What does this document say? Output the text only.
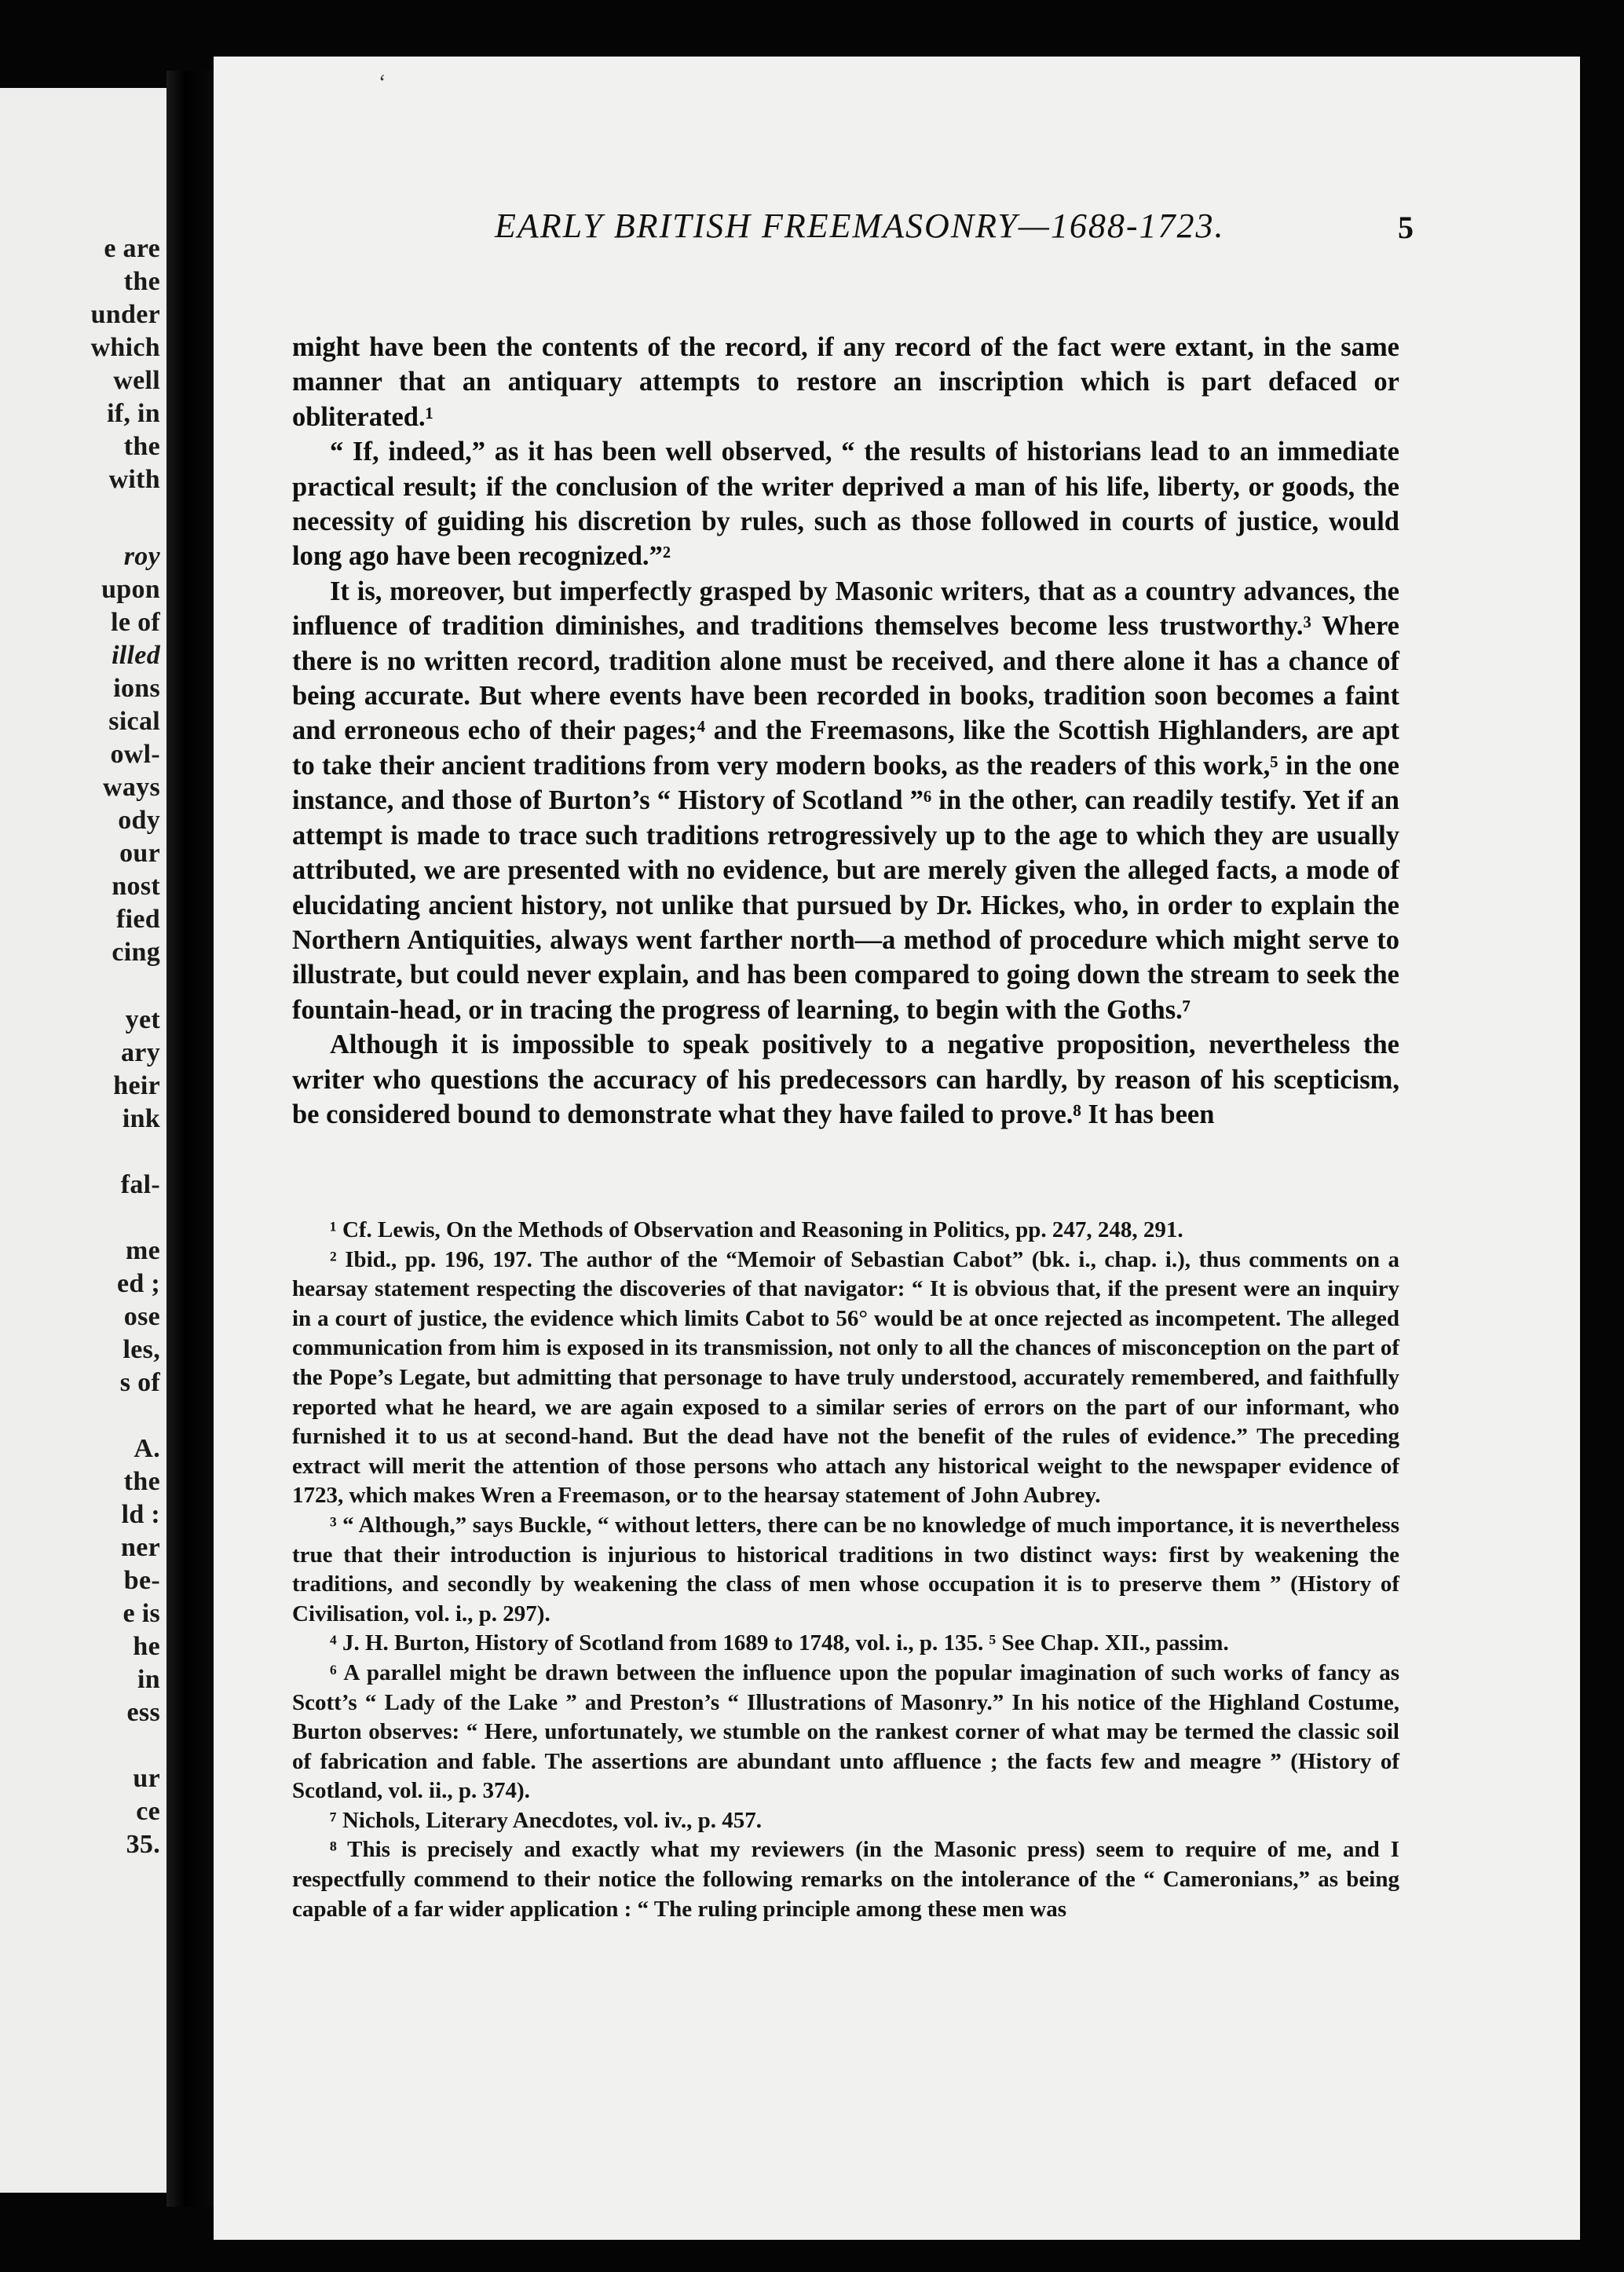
e are
the
under
which
well
if, in
the
with
roy
upon
le of
illed
ions
sical
owl-
ways
ody
our
nost
fied
cing
yet
ary
heir
ink
fal-
me
ed ;
ose
les,
s of
A.
the
ld :
ner
be-
e is
he
in
ess
ur
ce
35.
ʻ
EARLY BRITISH FREEMASONRY—1688-1723.	5

might have been the contents of the record, if any record of the fact were extant, in the same manner that an antiquary attempts to restore an inscription which is part defaced or obliterated.¹

“ If, indeed,” as it has been well observed, “ the results of historians lead to an immediate practical result; if the conclusion of the writer deprived a man of his life, liberty, or goods, the necessity of guiding his discretion by rules, such as those followed in courts of justice, would long ago have been recognized.”²

It is, moreover, but imperfectly grasped by Masonic writers, that as a country advances, the influence of tradition diminishes, and traditions themselves become less trustworthy.³ Where there is no written record, tradition alone must be received, and there alone it has a chance of being accurate. But where events have been recorded in books, tradition soon becomes a faint and erroneous echo of their pages;⁴ and the Freemasons, like the Scottish Highlanders, are apt to take their ancient traditions from very modern books, as the readers of this work,⁵ in the one instance, and those of Burton’s “ History of Scotland ”⁶ in the other, can readily testify. Yet if an attempt is made to trace such traditions retrogressively up to the age to which they are usually attributed, we are presented with no evidence, but are merely given the alleged facts, a mode of elucidating ancient history, not unlike that pursued by Dr. Hickes, who, in order to explain the Northern Antiquities, always went farther north—a method of procedure which might serve to illustrate, but could never explain, and has been compared to going down the stream to seek the fountain-head, or in tracing the progress of learning, to begin with the Goths.⁷

Although it is impossible to speak positively to a negative proposition, nevertheless the writer who questions the accuracy of his predecessors can hardly, by reason of his scepticism, be considered bound to demonstrate what they have failed to prove.⁸ It has been

¹ Cf. Lewis, On the Methods of Observation and Reasoning in Politics, pp. 247, 248, 291.

² Ibid., pp. 196, 197. The author of the “Memoir of Sebastian Cabot” (bk. i., chap. i.), thus comments on a hearsay statement respecting the discoveries of that navigator: “ It is obvious that, if the present were an inquiry in a court of justice, the evidence which limits Cabot to 56° would be at once rejected as incompetent. The alleged communication from him is exposed in its transmission, not only to all the chances of misconception on the part of the Pope’s Legate, but admitting that personage to have truly understood, accurately remembered, and faithfully reported what he heard, we are again exposed to a similar series of errors on the part of our informant, who furnished it to us at second-hand. But the dead have not the benefit of the rules of evidence.” The preceding extract will merit the attention of those persons who attach any historical weight to the newspaper evidence of 1723, which makes Wren a Freemason, or to the hearsay statement of John Aubrey.

³ “ Although,” says Buckle, “ without letters, there can be no knowledge of much importance, it is nevertheless true that their introduction is injurious to historical traditions in two distinct ways: first by weakening the traditions, and secondly by weakening the class of men whose occupation it is to preserve them ” (History of Civilisation, vol. i., p. 297).

⁴ J. H. Burton, History of Scotland from 1689 to 1748, vol. i., p. 135. ⁵ See Chap. XII., passim.

⁶ A parallel might be drawn between the influence upon the popular imagination of such works of fancy as Scott’s “ Lady of the Lake ” and Preston’s “ Illustrations of Masonry.” In his notice of the Highland Costume, Burton observes: “ Here, unfortunately, we stumble on the rankest corner of what may be termed the classic soil of fabrication and fable. The assertions are abundant unto affluence ; the facts few and meagre ” (History of Scotland, vol. ii., p. 374).

⁷ Nichols, Literary Anecdotes, vol. iv., p. 457.

⁸ This is precisely and exactly what my reviewers (in the Masonic press) seem to require of me, and I respectfully commend to their notice the following remarks on the intolerance of the “ Cameronians,” as being capable of a far wider application : “ The ruling principle among these men was
